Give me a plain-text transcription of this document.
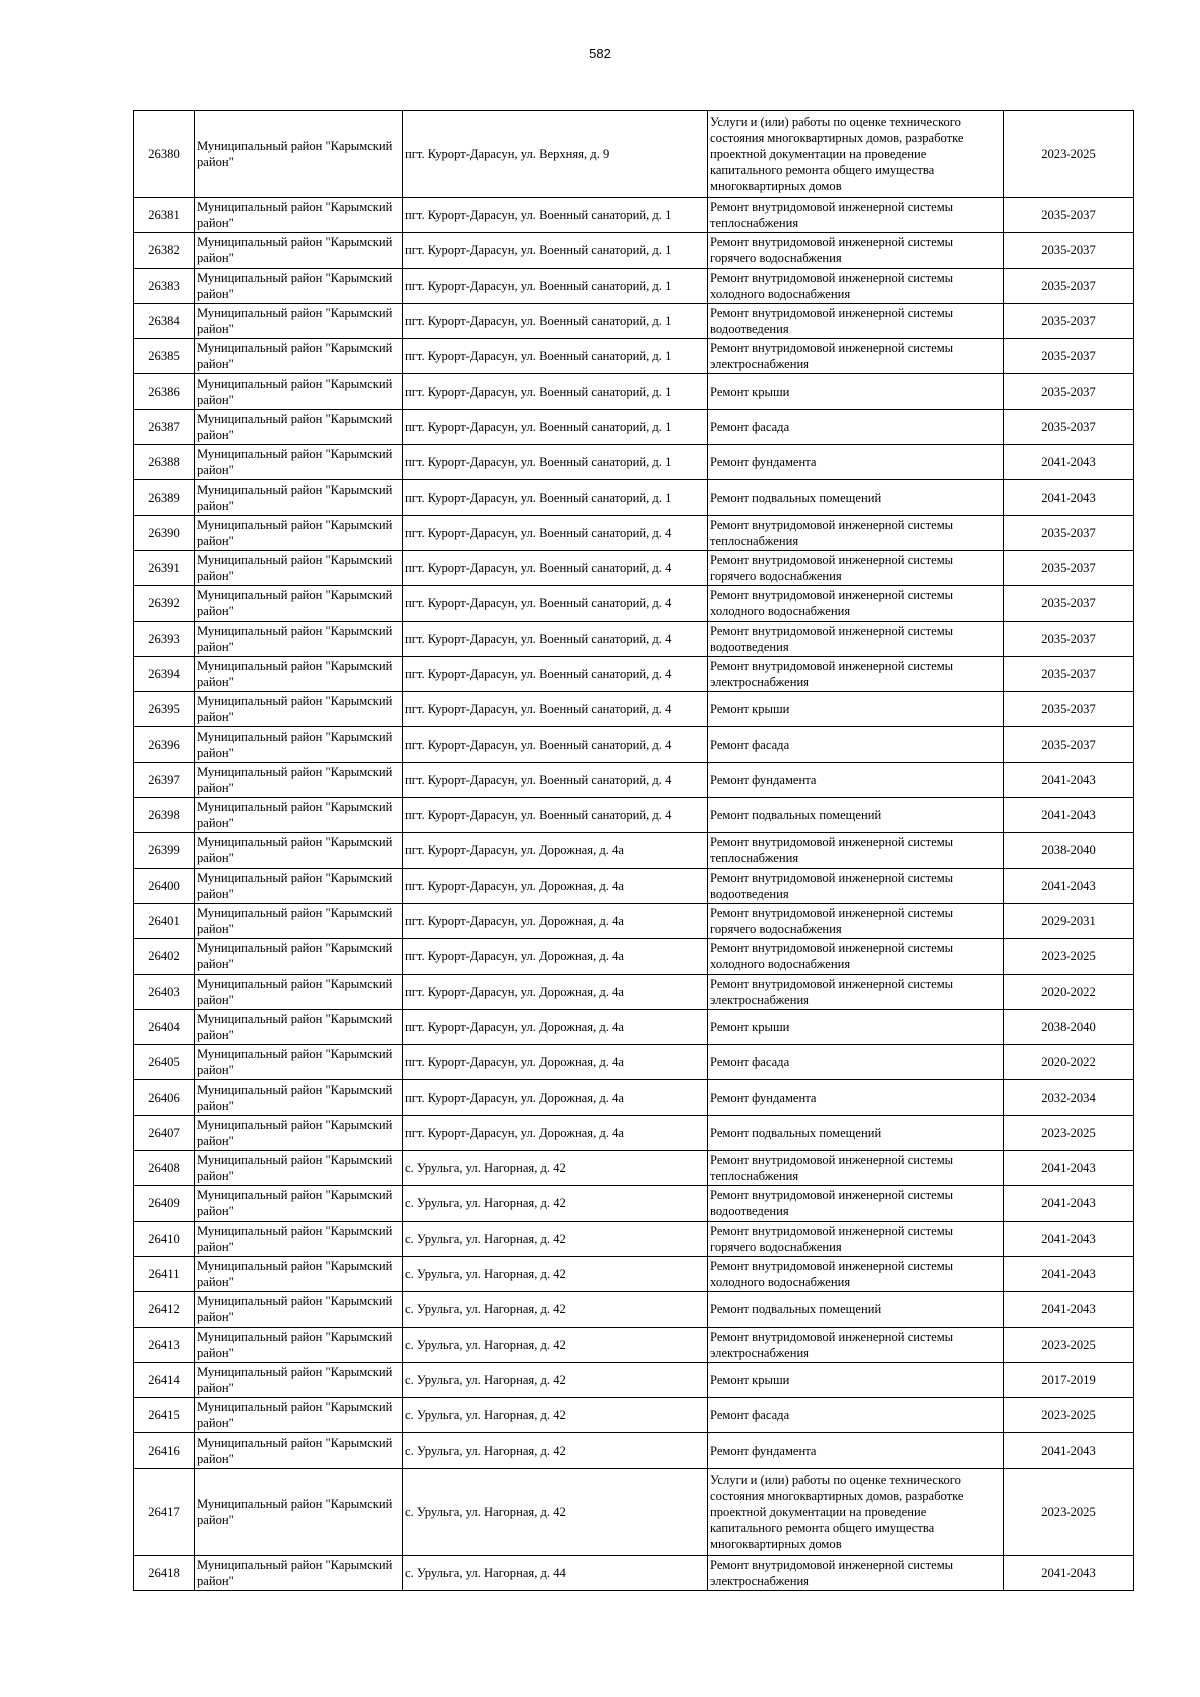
582
26380	Муниципальный район "Карымский район"	пгт. Курорт-Дарасун, ул. Верхняя, д. 9	Услуги и (или) работы по оценке технического состояния многоквартирных домов, разработке проектной документации на проведение капитального ремонта общего имущества многоквартирных домов	2023-2025
26381	Муниципальный район "Карымский район"	пгт. Курорт-Дарасун, ул. Военный санаторий, д. 1	Ремонт внутридомовой инженерной системы теплоснабжения	2035-2037
26382	Муниципальный район "Карымский район"	пгт. Курорт-Дарасун, ул. Военный санаторий, д. 1	Ремонт внутридомовой инженерной системы горячего водоснабжения	2035-2037
26383	Муниципальный район "Карымский район"	пгт. Курорт-Дарасун, ул. Военный санаторий, д. 1	Ремонт внутридомовой инженерной системы холодного водоснабжения	2035-2037
26384	Муниципальный район "Карымский район"	пгт. Курорт-Дарасун, ул. Военный санаторий, д. 1	Ремонт внутридомовой инженерной системы водоотведения	2035-2037
26385	Муниципальный район "Карымский район"	пгт. Курорт-Дарасун, ул. Военный санаторий, д. 1	Ремонт внутридомовой инженерной системы электроснабжения	2035-2037
26386	Муниципальный район "Карымский район"	пгт. Курорт-Дарасун, ул. Военный санаторий, д. 1	Ремонт крыши	2035-2037
26387	Муниципальный район "Карымский район"	пгт. Курорт-Дарасун, ул. Военный санаторий, д. 1	Ремонт фасада	2035-2037
26388	Муниципальный район "Карымский район"	пгт. Курорт-Дарасун, ул. Военный санаторий, д. 1	Ремонт фундамента	2041-2043
26389	Муниципальный район "Карымский район"	пгт. Курорт-Дарасун, ул. Военный санаторий, д. 1	Ремонт подвальных помещений	2041-2043
26390	Муниципальный район "Карымский район"	пгт. Курорт-Дарасун, ул. Военный санаторий, д. 4	Ремонт внутридомовой инженерной системы теплоснабжения	2035-2037
26391	Муниципальный район "Карымский район"	пгт. Курорт-Дарасун, ул. Военный санаторий, д. 4	Ремонт внутридомовой инженерной системы горячего водоснабжения	2035-2037
26392	Муниципальный район "Карымский район"	пгт. Курорт-Дарасун, ул. Военный санаторий, д. 4	Ремонт внутридомовой инженерной системы холодного водоснабжения	2035-2037
26393	Муниципальный район "Карымский район"	пгт. Курорт-Дарасун, ул. Военный санаторий, д. 4	Ремонт внутридомовой инженерной системы водоотведения	2035-2037
26394	Муниципальный район "Карымский район"	пгт. Курорт-Дарасун, ул. Военный санаторий, д. 4	Ремонт внутридомовой инженерной системы электроснабжения	2035-2037
26395	Муниципальный район "Карымский район"	пгт. Курорт-Дарасун, ул. Военный санаторий, д. 4	Ремонт крыши	2035-2037
26396	Муниципальный район "Карымский район"	пгт. Курорт-Дарасун, ул. Военный санаторий, д. 4	Ремонт фасада	2035-2037
26397	Муниципальный район "Карымский район"	пгт. Курорт-Дарасун, ул. Военный санаторий, д. 4	Ремонт фундамента	2041-2043
26398	Муниципальный район "Карымский район"	пгт. Курорт-Дарасун, ул. Военный санаторий, д. 4	Ремонт подвальных помещений	2041-2043
26399	Муниципальный район "Карымский район"	пгт. Курорт-Дарасун, ул. Дорожная, д. 4а	Ремонт внутридомовой инженерной системы теплоснабжения	2038-2040
26400	Муниципальный район "Карымский район"	пгт. Курорт-Дарасун, ул. Дорожная, д. 4а	Ремонт внутридомовой инженерной системы водоотведения	2041-2043
26401	Муниципальный район "Карымский район"	пгт. Курорт-Дарасун, ул. Дорожная, д. 4а	Ремонт внутридомовой инженерной системы горячего водоснабжения	2029-2031
26402	Муниципальный район "Карымский район"	пгт. Курорт-Дарасун, ул. Дорожная, д. 4а	Ремонт внутридомовой инженерной системы холодного водоснабжения	2023-2025
26403	Муниципальный район "Карымский район"	пгт. Курорт-Дарасун, ул. Дорожная, д. 4а	Ремонт внутридомовой инженерной системы электроснабжения	2020-2022
26404	Муниципальный район "Карымский район"	пгт. Курорт-Дарасун, ул. Дорожная, д. 4а	Ремонт крыши	2038-2040
26405	Муниципальный район "Карымский район"	пгт. Курорт-Дарасун, ул. Дорожная, д. 4а	Ремонт фасада	2020-2022
26406	Муниципальный район "Карымский район"	пгт. Курорт-Дарасун, ул. Дорожная, д. 4а	Ремонт фундамента	2032-2034
26407	Муниципальный район "Карымский район"	пгт. Курорт-Дарасун, ул. Дорожная, д. 4а	Ремонт подвальных помещений	2023-2025
26408	Муниципальный район "Карымский район"	с. Урульга, ул. Нагорная, д. 42	Ремонт внутридомовой инженерной системы теплоснабжения	2041-2043
26409	Муниципальный район "Карымский район"	с. Урульга, ул. Нагорная, д. 42	Ремонт внутридомовой инженерной системы водоотведения	2041-2043
26410	Муниципальный район "Карымский район"	с. Урульга, ул. Нагорная, д. 42	Ремонт внутридомовой инженерной системы горячего водоснабжения	2041-2043
26411	Муниципальный район "Карымский район"	с. Урульга, ул. Нагорная, д. 42	Ремонт внутридомовой инженерной системы холодного водоснабжения	2041-2043
26412	Муниципальный район "Карымский район"	с. Урульга, ул. Нагорная, д. 42	Ремонт подвальных помещений	2041-2043
26413	Муниципальный район "Карымский район"	с. Урульга, ул. Нагорная, д. 42	Ремонт внутридомовой инженерной системы электроснабжения	2023-2025
26414	Муниципальный район "Карымский район"	с. Урульга, ул. Нагорная, д. 42	Ремонт крыши	2017-2019
26415	Муниципальный район "Карымский район"	с. Урульга, ул. Нагорная, д. 42	Ремонт фасада	2023-2025
26416	Муниципальный район "Карымский район"	с. Урульга, ул. Нагорная, д. 42	Ремонт фундамента	2041-2043
26417	Муниципальный район "Карымский район"	с. Урульга, ул. Нагорная, д. 42	Услуги и (или) работы по оценке технического состояния многоквартирных домов, разработке проектной документации на проведение капитального ремонта общего имущества многоквартирных домов	2023-2025
26418	Муниципальный район "Карымский район"	с. Урульга, ул. Нагорная, д. 44	Ремонт внутридомовой инженерной системы электроснабжения	2041-2043
